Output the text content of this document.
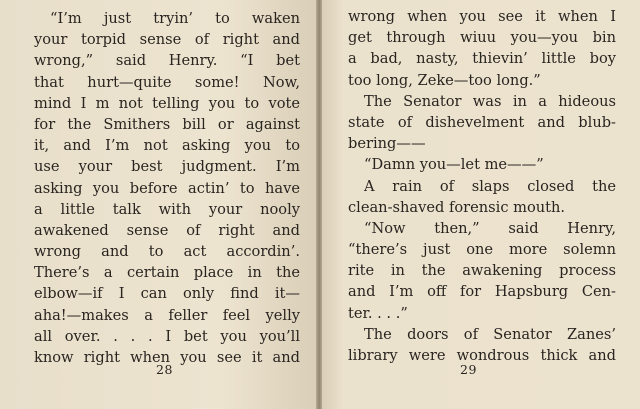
“I’m just tryin’ to waken
your torpid sense of right and
wrong,” said Henry. “I bet
that hurt—quite some! Now,
mind I m not telling you to vote
for the Smithers bill or against
it, and I’m not asking you to
use your best judgment. I’m
asking you before actin’ to have
a little talk with your nooly
awakened sense of right and
wrong and to act accordin’.
There’s a certain place in the
elbow—if I can only find it—
aha!—makes a feller feel yelly
all over. . . . I bet you you’ll
know right when you see it and
28
wrong when you see it when I
get through wiuu you—you bin
a bad, nasty, thievin’ little boy
too long, Zeke—too long.”
The Senator was in a hideous
state of dishevelment and blub-
bering——
“Damn you—let me——”
A rain of slaps closed the
clean-shaved forensic mouth.
“Now then,” said Henry,
“there’s just one more solemn
rite in the awakening process
and I’m off for Hapsburg Cen-
ter. . . .”
The doors of Senator Zanes’
library were wondrous thick and
29
